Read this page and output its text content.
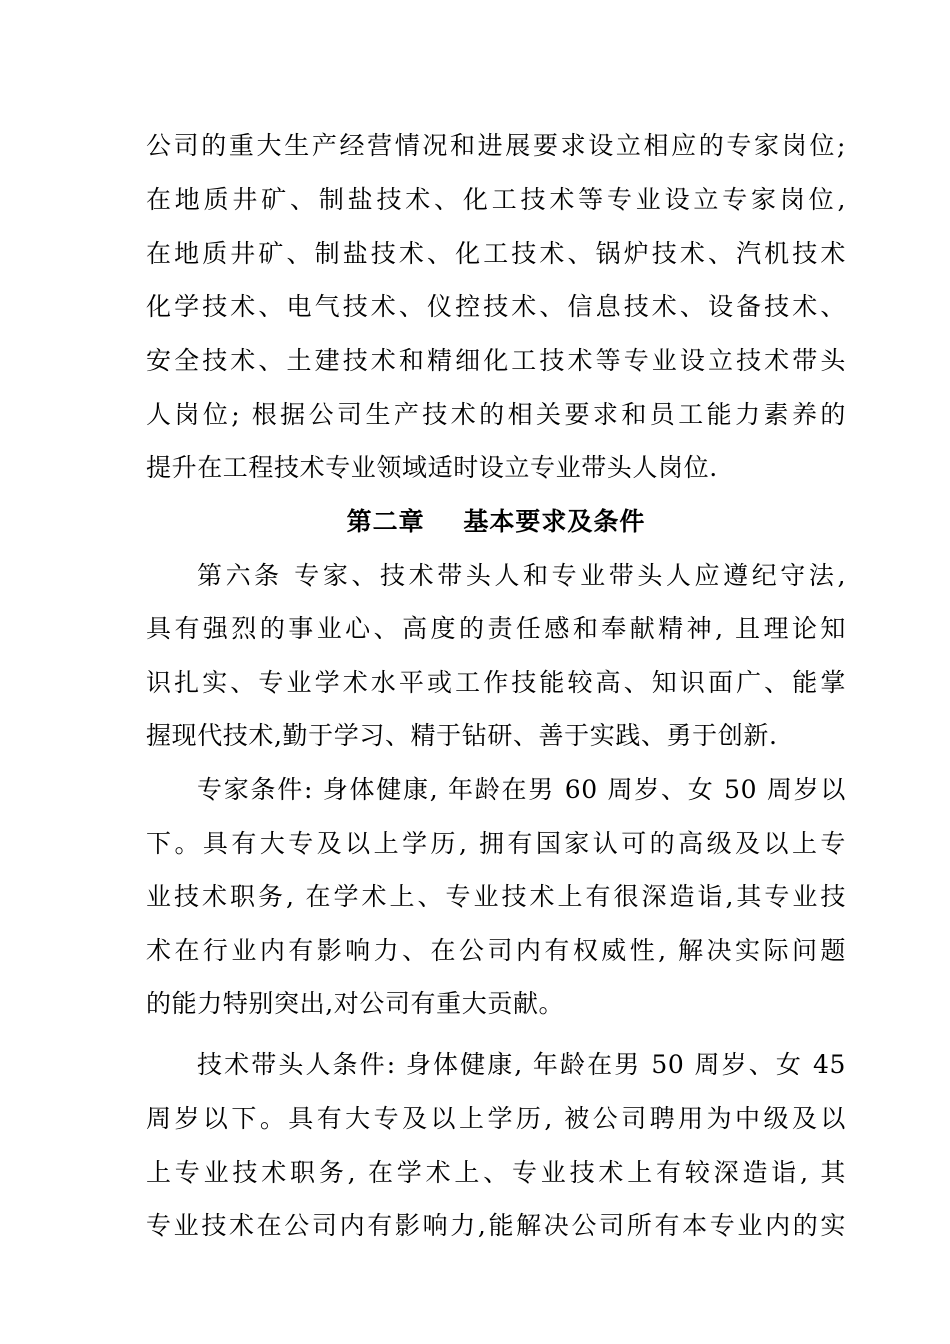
公司的重大生产经营情况和进展要求设立相应的专家岗位;
在地质井矿、制盐技术、化工技术等专业设立专家岗位,
在地质井矿、制盐技术、化工技术、锅炉技术、汽机技术
化学技术、电气技术、仪控技术、信息技术、设备技术、
安全技术、土建技术和精细化工技术等专业设立技术带头
人岗位; 根据公司生产技术的相关要求和员工能力素养的
提升在工程技术专业领域适时设立专业带头人岗位.
第二章    基本要求及条件
第六条 专家、技术带头人和专业带头人应遵纪守法,
具有强烈的事业心、高度的责任感和奉献精神, 且理论知
识扎实、专业学术水平或工作技能较高、知识面广、能掌
握现代技术,勤于学习、精于钻研、善于实践、勇于创新.
专家条件: 身体健康, 年龄在男 60 周岁、女 50 周岁以
下。具有大专及以上学历, 拥有国家认可的高级及以上专
业技术职务, 在学术上、专业技术上有很深造诣,其专业技
术在行业内有影响力、在公司内有权威性, 解决实际问题
的能力特别突出,对公司有重大贡献。
技术带头人条件: 身体健康, 年龄在男 50 周岁、女 45
周岁以下。具有大专及以上学历, 被公司聘用为中级及以
上专业技术职务, 在学术上、专业技术上有较深造诣, 其
专业技术在公司内有影响力,能解决公司所有本专业内的实
